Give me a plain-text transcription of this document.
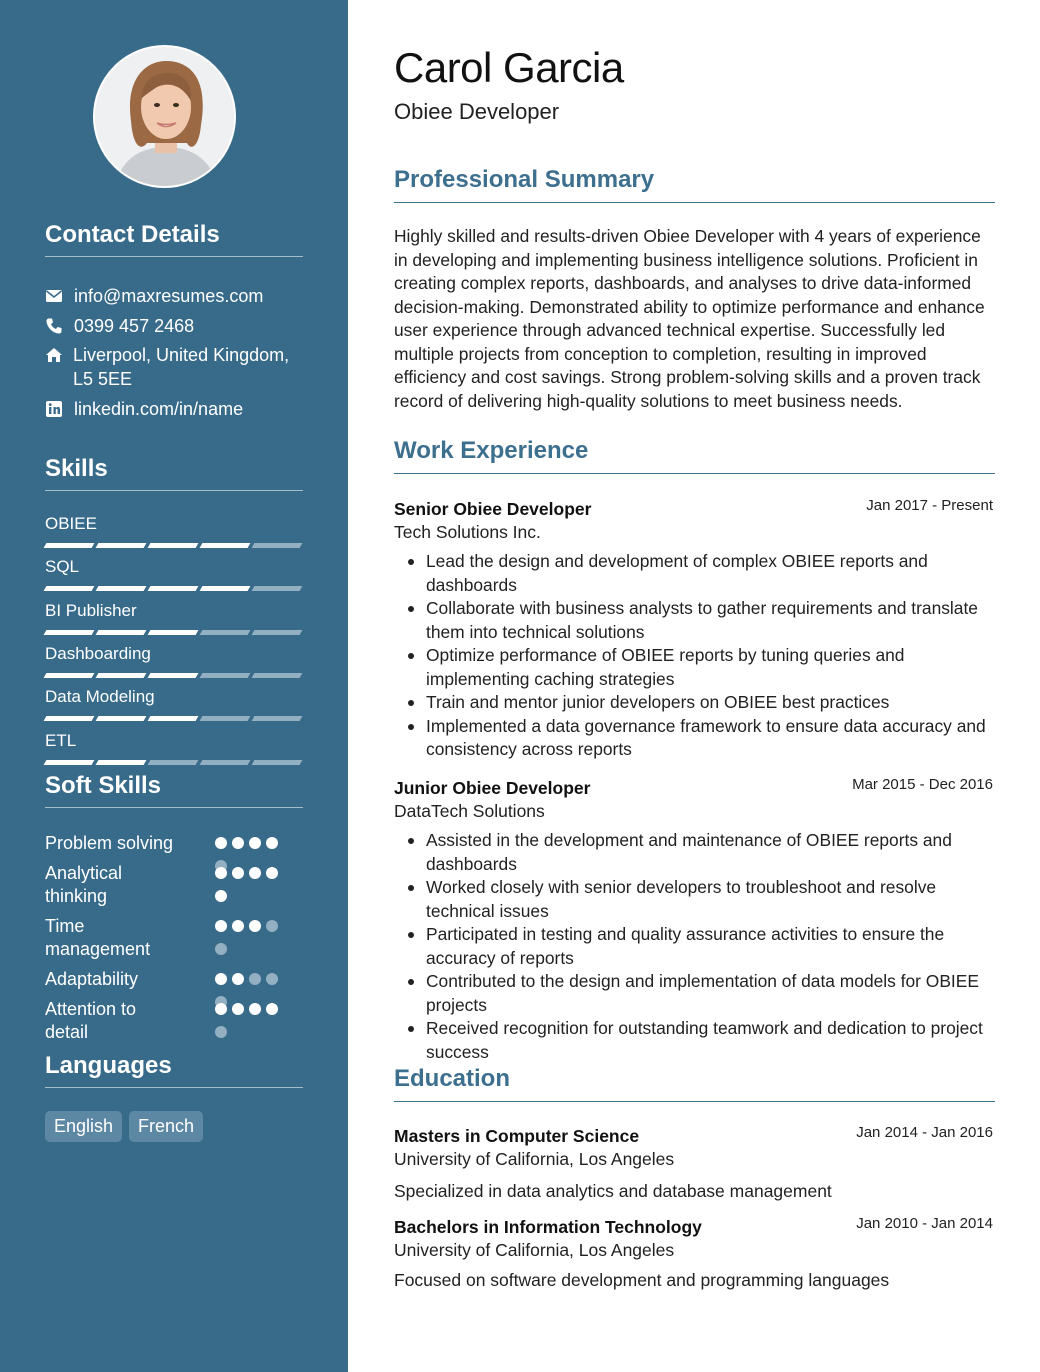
Contact Details
info@maxresumes.com
0399 457 2468
Liverpool, United Kingdom,
L5 5EE
linkedin.com/in/name
Skills
OBIEE
SQL
BI Publisher
Dashboarding
Data Modeling
ETL
Soft Skills
Problem solving
Analytical
thinking
Time
management
Adaptability
Attention to
detail
Languages
English	French
Carol Garcia
Obiee Developer
Professional Summary
Highly skilled and results-driven Obiee Developer with 4 years of experience in developing and implementing business intelligence solutions. Proficient in creating complex reports, dashboards, and analyses to drive data-informed decision-making. Demonstrated ability to optimize performance and enhance user experience through advanced technical expertise. Successfully led multiple projects from conception to completion, resulting in improved efficiency and cost savings. Strong problem-solving skills and a proven track record of delivering high-quality solutions to meet business needs.
Work Experience
Senior Obiee Developer	Jan 2017 - Present
Tech Solutions Inc.
Lead the design and development of complex OBIEE reports and dashboards
Collaborate with business analysts to gather requirements and translate them into technical solutions
Optimize performance of OBIEE reports by tuning queries and implementing caching strategies
Train and mentor junior developers on OBIEE best practices
Implemented a data governance framework to ensure data accuracy and consistency across reports
Junior Obiee Developer	Mar 2015 - Dec 2016
DataTech Solutions
Assisted in the development and maintenance of OBIEE reports and dashboards
Worked closely with senior developers to troubleshoot and resolve technical issues
Participated in testing and quality assurance activities to ensure the accuracy of reports
Contributed to the design and implementation of data models for OBIEE projects
Received recognition for outstanding teamwork and dedication to project success
Education
Masters in Computer Science	Jan 2014 - Jan 2016
University of California, Los Angeles
Specialized in data analytics and database management
Bachelors in Information Technology	Jan 2010 - Jan 2014
University of California, Los Angeles
Focused on software development and programming languages
